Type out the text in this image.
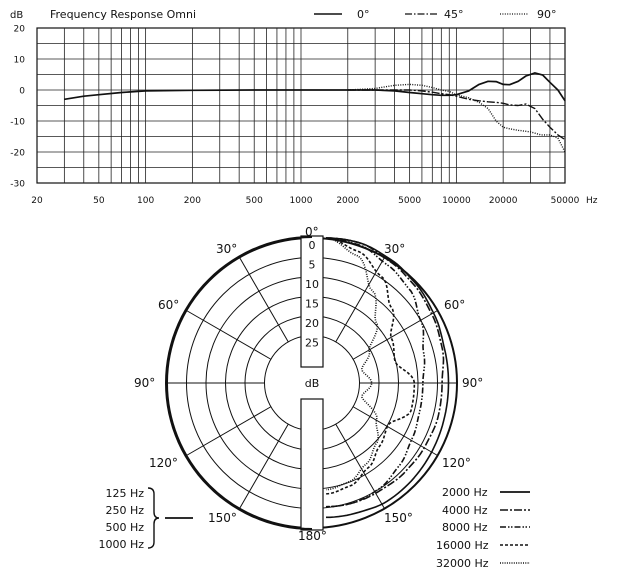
dB Frequency Response Omni	0°	45°	90°
20
10
0
-10
-20
-30
20	50	100	200	500	1000	2000	5000 10000 20000	50000 Hz
0°
180°
30°
60°
90°
120°
150°
30°
60°
90°
120°
150°
0
5
10
15
20
25
dB
125 Hz
250 Hz
500 Hz
1000 Hz
2000 Hz
4000 Hz
8000 Hz
16000 Hz
32000 Hz
